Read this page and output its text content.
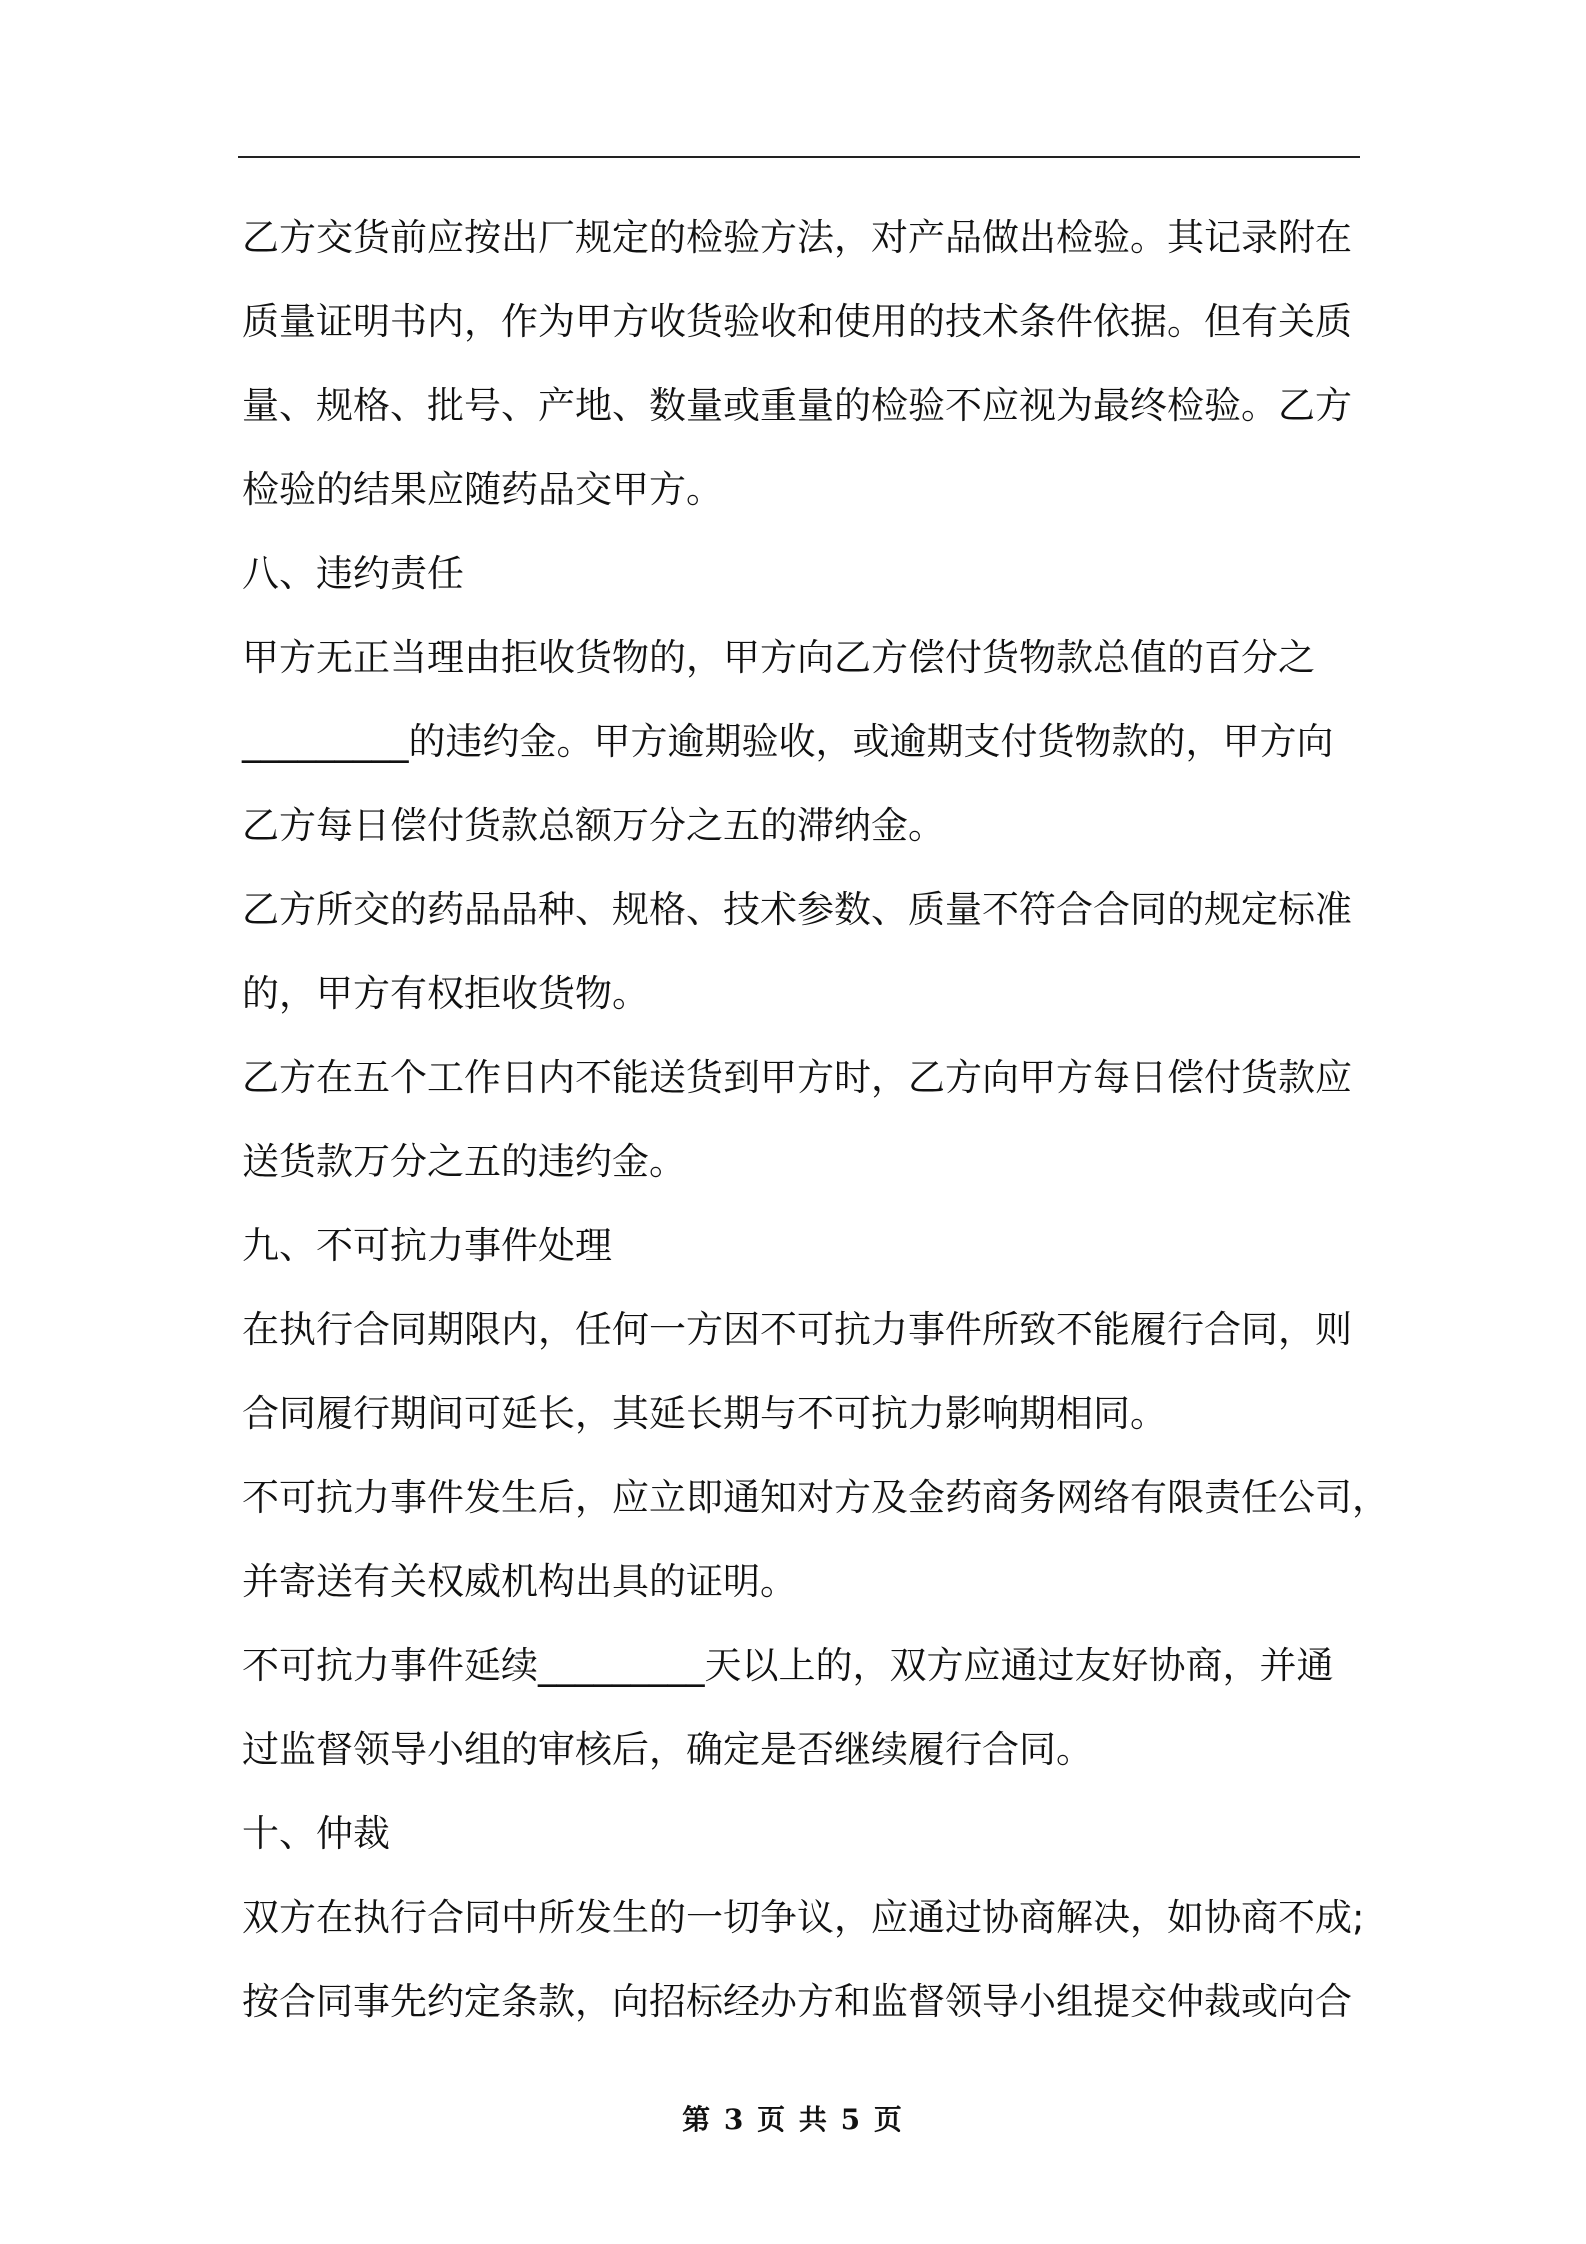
乙方交货前应按出厂规定的检验方法，对产品做出检验。其记录附在
质量证明书内，作为甲方收货验收和使用的技术条件依据。但有关质
量、规格、批号、产地、数量或重量的检验不应视为最终检验。乙方
检验的结果应随药品交甲方。
八、违约责任
甲方无正当理由拒收货物的，甲方向乙方偿付货物款总值的百分之
_________的违约金。甲方逾期验收，或逾期支付货物款的，甲方向
乙方每日偿付货款总额万分之五的滞纳金。
乙方所交的药品品种、规格、技术参数、质量不符合合同的规定标准
的，甲方有权拒收货物。
乙方在五个工作日内不能送货到甲方时，乙方向甲方每日偿付货款应
送货款万分之五的违约金。
九、不可抗力事件处理
在执行合同期限内，任何一方因不可抗力事件所致不能履行合同，则
合同履行期间可延长，其延长期与不可抗力影响期相同。
不可抗力事件发生后，应立即通知对方及金药商务网络有限责任公司，
并寄送有关权威机构出具的证明。
不可抗力事件延续_________天以上的，双方应通过友好协商，并通
过监督领导小组的审核后，确定是否继续履行合同。
十、仲裁
双方在执行合同中所发生的一切争议，应通过协商解决，如协商不成;
按合同事先约定条款，向招标经办方和监督领导小组提交仲裁或向合
第 3 页 共 5 页
